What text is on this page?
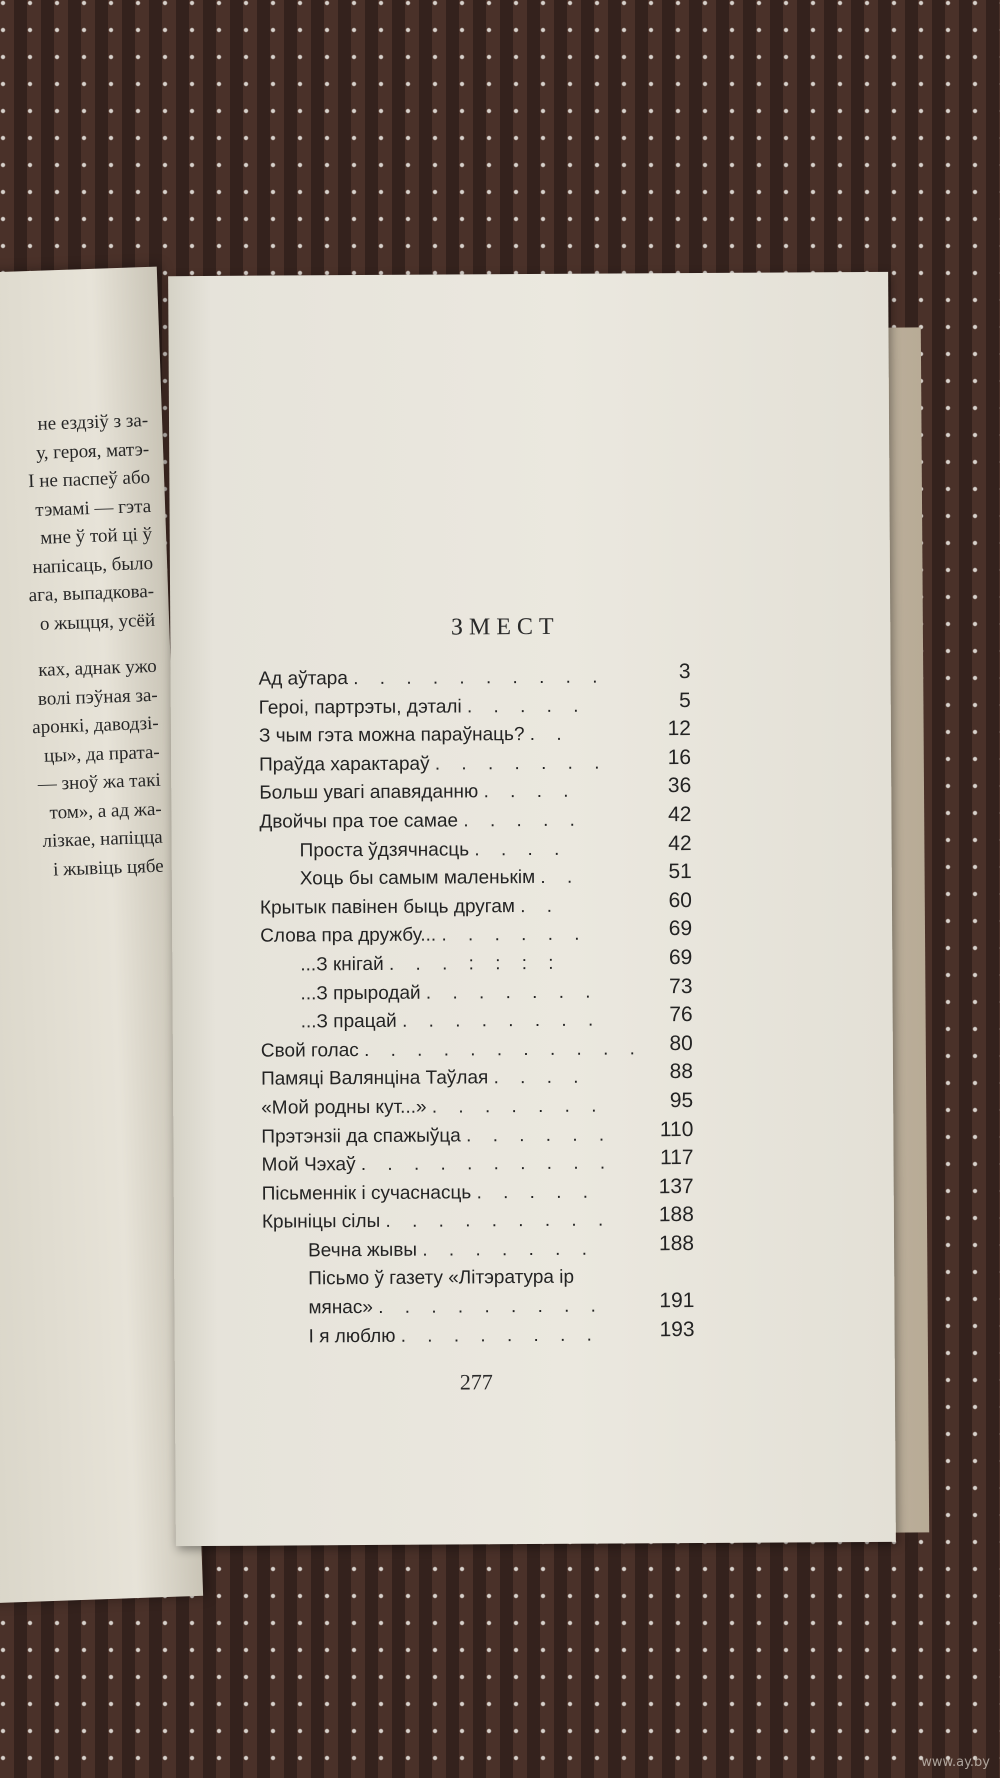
не ездзіў з за-
у, героя, матэ-
І не паспеў або
тэмамі — гэта
мне ў той ці ў
напісаць, было
ага, выпадкова-
о жыцця, усёй
ках, аднак ужо
волі пэўная за-
аронкі, даводзі-
цы», да прата-
— зноў жа такі
том», а ад жа-
лізкае, напіцца
і жывіць цябе
ЗМЕСТ
Ад аўтара . . . . . . . . . .	3
Героі, партрэты, дэталі . . . . .	5
З чым гэта можна параўнаць? . .	12
Праўда характараў . . . . . . .	16
Больш увагі апавяданню . . . .	36
Двойчы пра тое самае . . . . .	42
Проста ўдзячнасць . . . .	42
Хоць бы самым маленькім . .	51
Крытык павінен быць другам . .	60
Слова пра дружбу... . . . . . .	69
...З кнігай . . . : : : :	69
...З прыродай . . . . . . .	73
...З працай . . . . . . . .	76
Свой голас . . . . . . . . . . . 80
Памяці Валянціна Таўлая . . . .	88
«Мой родны кут...» . . . . . . .	95
Прэтэнзіі да спажыўца . . . . . . 110
Мой Чэхаў . . . . . . . . . . 117
Пісьменнік і сучаснасць . . . . .	137
Крыніцы сілы . . . . . . . . . 188
Вечна жывы . . . . . . .	188
Пісьмо ў газету «Літэратура ір
мянас» . . . . . . . . .	191
І я люблю . . . . . . . .	193
277
www.ay.by
